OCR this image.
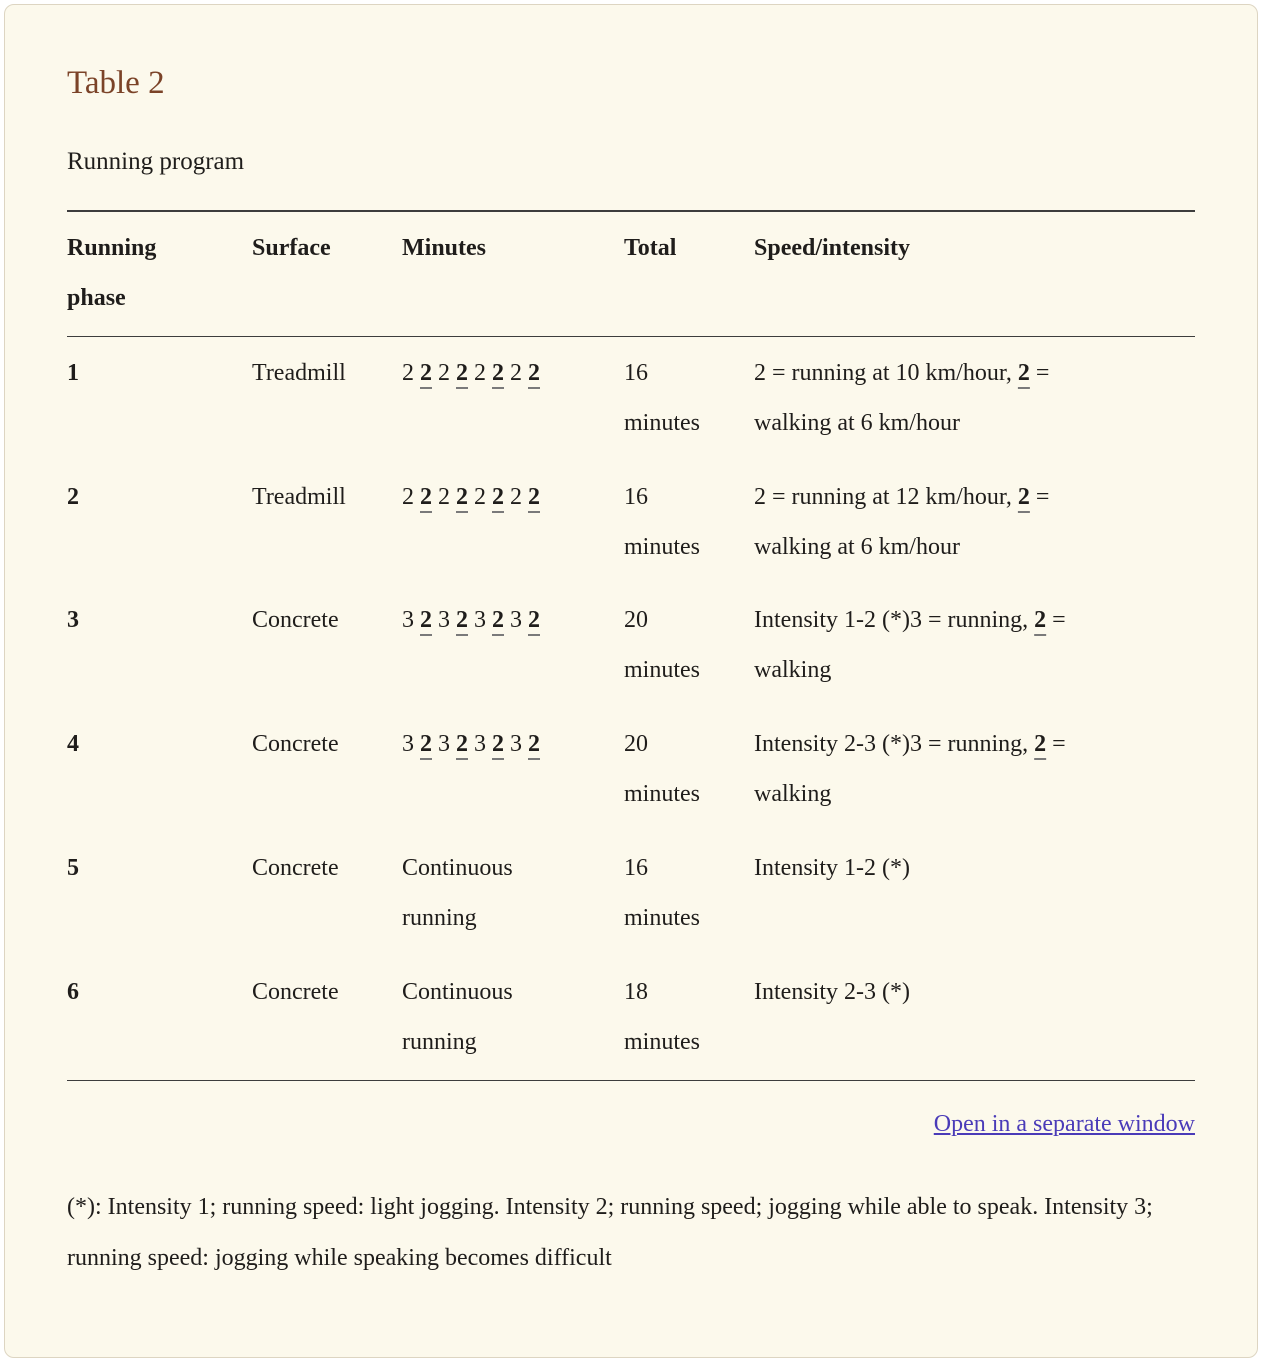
Table 2

Running program

Running phase	Surface	Minutes	Total	Speed/intensity
1	Treadmill	2 2 2 2 2 2 2 2	16 minutes	2 = running at 10 km/hour, 2 = walking at 6 km/hour
2	Treadmill	2 2 2 2 2 2 2 2	16 minutes	2 = running at 12 km/hour, 2 = walking at 6 km/hour
3	Concrete	3 2 3 2 3 2 3 2	20 minutes	Intensity 1-2 (*)3 = running, 2 = walking
4	Concrete	3 2 3 2 3 2 3 2	20 minutes	Intensity 2-3 (*)3 = running, 2 = walking
5	Concrete	Continuous running	16 minutes	Intensity 1-2 (*)
6	Concrete	Continuous running	18 minutes	Intensity 2-3 (*)
Open in a separate window

(*): Intensity 1; running speed: light jogging. Intensity 2; running speed; jogging while able to speak. Intensity 3; running speed: jogging while speaking becomes difficult
